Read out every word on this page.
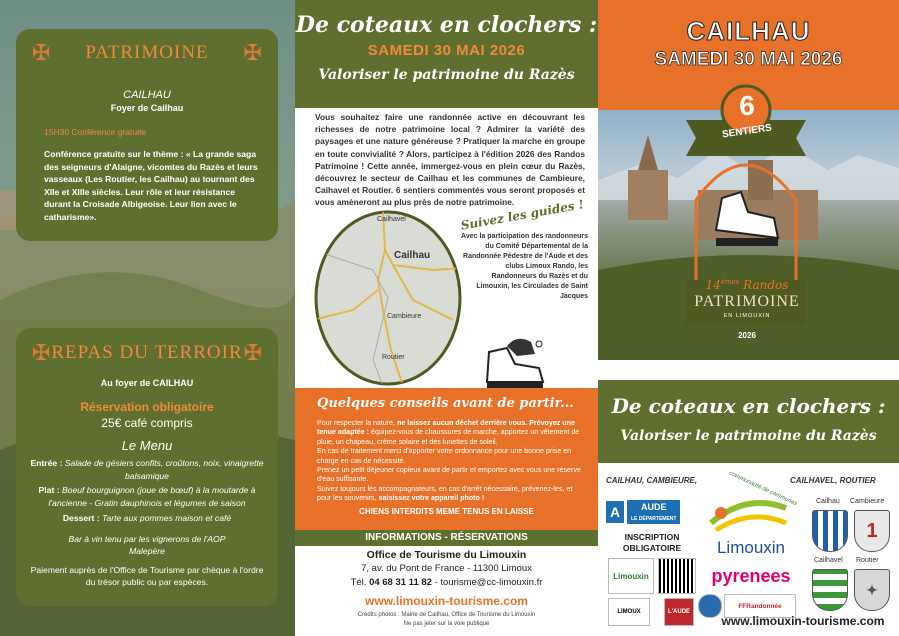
✠ PATRIMOINE ✠
CAILHAU
Foyer de Cailhau
15H30 Conférence gratuite
Conférence gratuite sur le thème : « La grande saga des seigneurs d'Alaigne, vicomtes du Razès et leurs vasseaux (Les Routier, les Cailhau) au tournant des XIIe et XIIIe siècles. Leur rôle et leur résistance durant la Croisade Albigeoise. Leur lien avec le catharisme».
✠ REPAS DU TERROIR ✠
Au foyer de CAILHAU
Réservation obligatoire
25€ café compris
Le Menu
Entrée : Salade de gésiers confits, croûtons, noix, vinaigrette balsamique
Plat : Boeuf bourguignon (joue de bœuf) à la moutarde à l'ancienne - Gratin dauphinois et légumes de saison
Dessert : Tarte aux pommes maison et café
Bar à vin tenu par les vignerons de l'AOP Malepère
Paiement auprès de l'Office de Tourisme par chèque à l'ordre du trésor public ou par espèces.
De coteaux en clochers :
SAMEDI 30 MAI 2026
Valoriser le patrimoine du Razès
Vous souhaitez faire une randonnée active en découvrant les richesses de notre patrimoine local ? Admirer la variété des paysages et une nature généreuse ? Pratiquer la marche en groupe en toute convivialité ? Alors, participez à l'édition 2026 des Randos Patrimoine ! Cette année, immergez-vous en plein cœur du Razès, découvrez le secteur de Cailhau et les communes de Cambieure, Caihavel et Routier. 6 sentiers commentés vous seront proposés et vous amèneront au plus près de notre patrimoine.
Cailhavel
Cailhau
Cambieure
Routier
Suivez les guides !
Avec la participation des randonneurs du Comité Départemental de la Randonnée Pédestre de l'Aude et des clubs Limoux Rando, les Randonneurs du Razès et du Limouxin, les Circulades de Saint Jacques
Quelques conseils avant de partir...
Pour respecter la nature, ne laissez aucun déchet derrière vous. Prévoyez une tenue adaptée : équipez-vous de chaussures de marche, apportez un vêtement de pluie, un chapeau, crème solaire et des lunettes de soleil.
En cas de traitement merci d'apporter votre ordonnance pour une bonne prise en charge en cas de nécessité.
Prenez un petit déjeuner copieux avant de partir et emportez avec vous une réserve d'eau suffisante.
Suivez toujours les accompagnateurs, en cas d'arrêt nécessaire, prévenez-les, et pour les souvenirs, saisissez votre appareil photo !
CHIENS INTERDITS MEME TENUS EN LAISSE
INFORMATIONS - RÉSERVATIONS
Office de Tourisme du Limouxin
7, av. du Pont de France - 11300 Limoux
Tél. 04 68 31 11 82 - tourisme@cc-limouxin.fr
www.limouxin-tourisme.com
Crédits photos : Mairie de Cailhau, Office de Tourisme du Limouxin
Ne pas jeter sur la voie publique
CAILHAU
SAMEDI 30 MAI 2026
6
SENTIERS
14èmes Randos
PATRIMOINE
EN LIMOUXIN
2026
De coteaux en clochers :
Valoriser le patrimoine du Razès
CAILHAU, CAMBIEURE,	CAILHAVEL, ROUTIER
A	AUDE
LE DÉPARTEMENT
INSCRIPTION OBLIGATOIRE
Limouxin
LIMOUX	L'AUDE
communauté de communes
Limouxin
pyrenees
FFRandonnée
Cailhau Cambieure
1
Cailhavel Routier
✦
www.limouxin-tourisme.com
